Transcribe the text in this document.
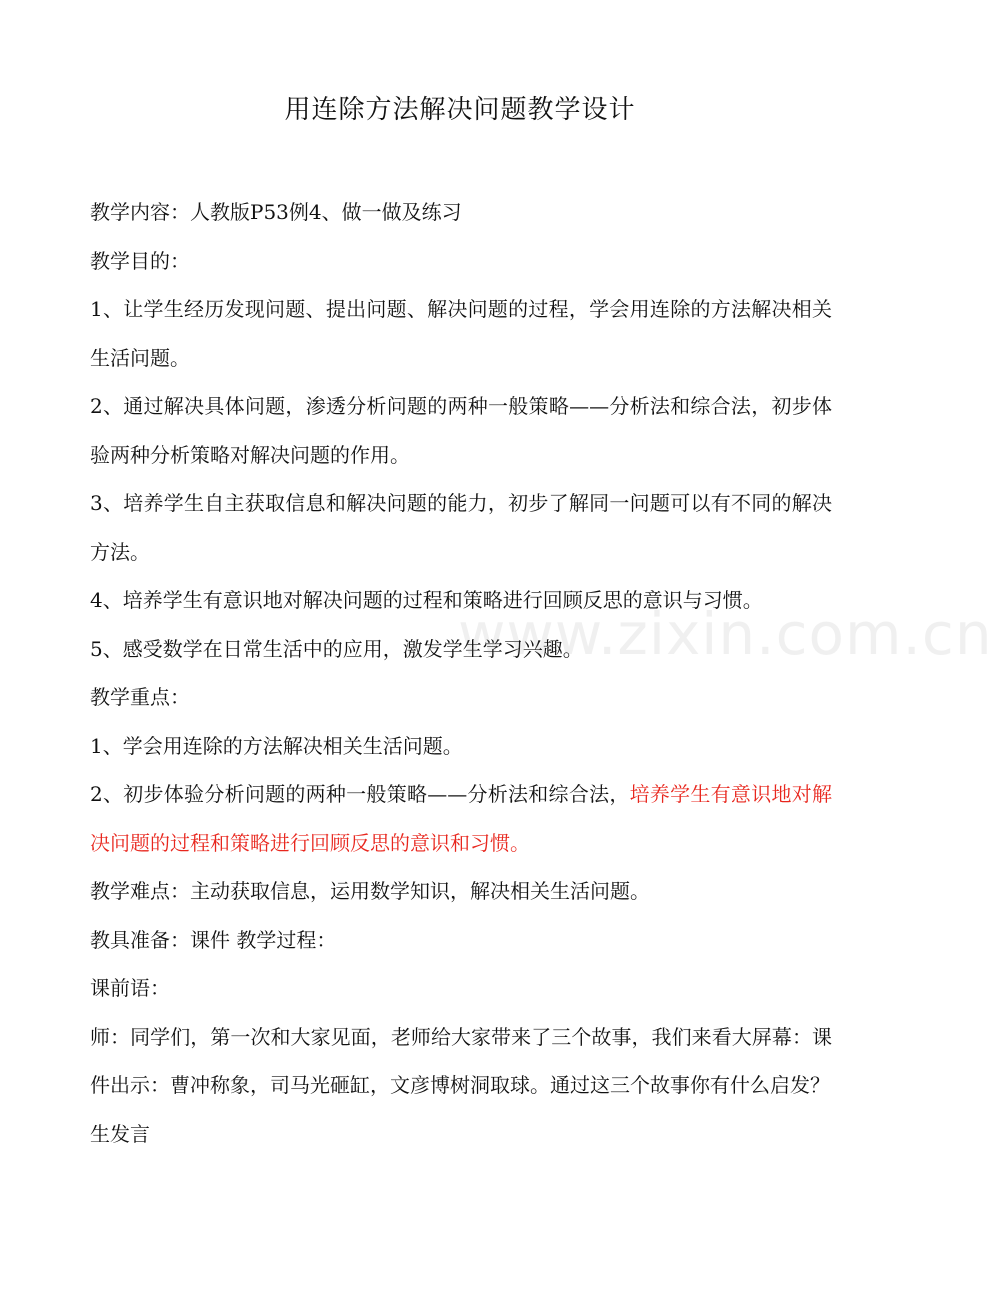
用连除方法解决问题教学设计

教学内容：人教版P53例4、做一做及练习

教学目的：

1、让学生经历发现问题、提出问题、解决问题的过程，学会用连除的方法解决相关生活问题。

2、通过解决具体问题，渗透分析问题的两种一般策略——分析法和综合法，初步体验两种分析策略对解决问题的作用。

3、培养学生自主获取信息和解决问题的能力，初步了解同一问题可以有不同的解决方法。

4、培养学生有意识地对解决问题的过程和策略进行回顾反思的意识与习惯。

5、感受数学在日常生活中的应用，激发学生学习兴趣。

教学重点：

1、学会用连除的方法解决相关生活问题。

2、初步体验分析问题的两种一般策略——分析法和综合法，培养学生有意识地对解决问题的过程和策略进行回顾反思的意识和习惯。

教学难点：主动获取信息，运用数学知识，解决相关生活问题。

教具准备：课件 教学过程：

课前语：

师：同学们，第一次和大家见面，老师给大家带来了三个故事，我们来看大屏幕：课件出示：曹冲称象，司马光砸缸，文彦博树洞取球。通过这三个故事你有什么启发？

生发言

www.zixin.com.cn
